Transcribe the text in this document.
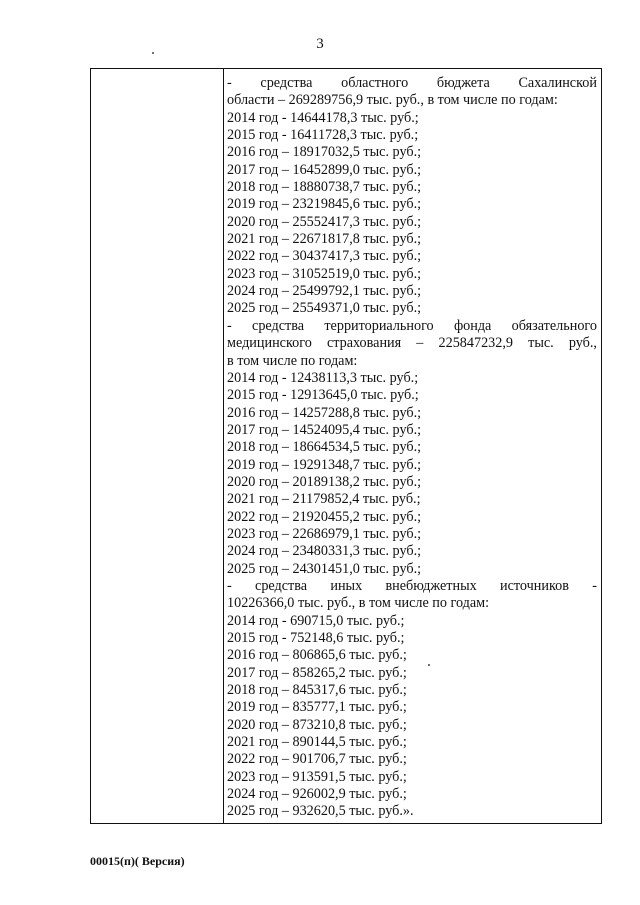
3
- средства областного бюджета Сахалинской
области – 269289756,9 тыс. руб., в том числе по годам:
2014 год - 14644178,3 тыс. руб.;
2015 год - 16411728,3 тыс. руб.;
2016 год – 18917032,5 тыс. руб.;
2017 год – 16452899,0 тыс. руб.;
2018 год – 18880738,7 тыс. руб.;
2019 год – 23219845,6 тыс. руб.;
2020 год – 25552417,3 тыс. руб.;
2021 год – 22671817,8 тыс. руб.;
2022 год – 30437417,3 тыс. руб.;
2023 год – 31052519,0 тыс. руб.;
2024 год – 25499792,1 тыс. руб.;
2025 год – 25549371,0 тыс. руб.;
- средства территориального фонда обязательного
медицинского страхования – 225847232,9 тыс. руб.,
в том числе по годам:
2014 год - 12438113,3 тыс. руб.;
2015 год - 12913645,0 тыс. руб.;
2016 год – 14257288,8 тыс. руб.;
2017 год – 14524095,4 тыс. руб.;
2018 год – 18664534,5 тыс. руб.;
2019 год – 19291348,7 тыс. руб.;
2020 год – 20189138,2 тыс. руб.;
2021 год – 21179852,4 тыс. руб.;
2022 год – 21920455,2 тыс. руб.;
2023 год – 22686979,1 тыс. руб.;
2024 год – 23480331,3 тыс. руб.;
2025 год – 24301451,0 тыс. руб.;
- средства иных внебюджетных источников -
10226366,0 тыс. руб., в том числе по годам:
2014 год - 690715,0 тыс. руб.;
2015 год - 752148,6 тыс. руб.;
2016 год – 806865,6 тыс. руб.;
2017 год – 858265,2 тыс. руб.;
2018 год – 845317,6 тыс. руб.;
2019 год – 835777,1 тыс. руб.;
2020 год – 873210,8 тыс. руб.;
2021 год – 890144,5 тыс. руб.;
2022 год – 901706,7 тыс. руб.;
2023 год – 913591,5 тыс. руб.;
2024 год – 926002,9 тыс. руб.;
2025 год – 932620,5 тыс. руб.».
00015(п)( Версия)
